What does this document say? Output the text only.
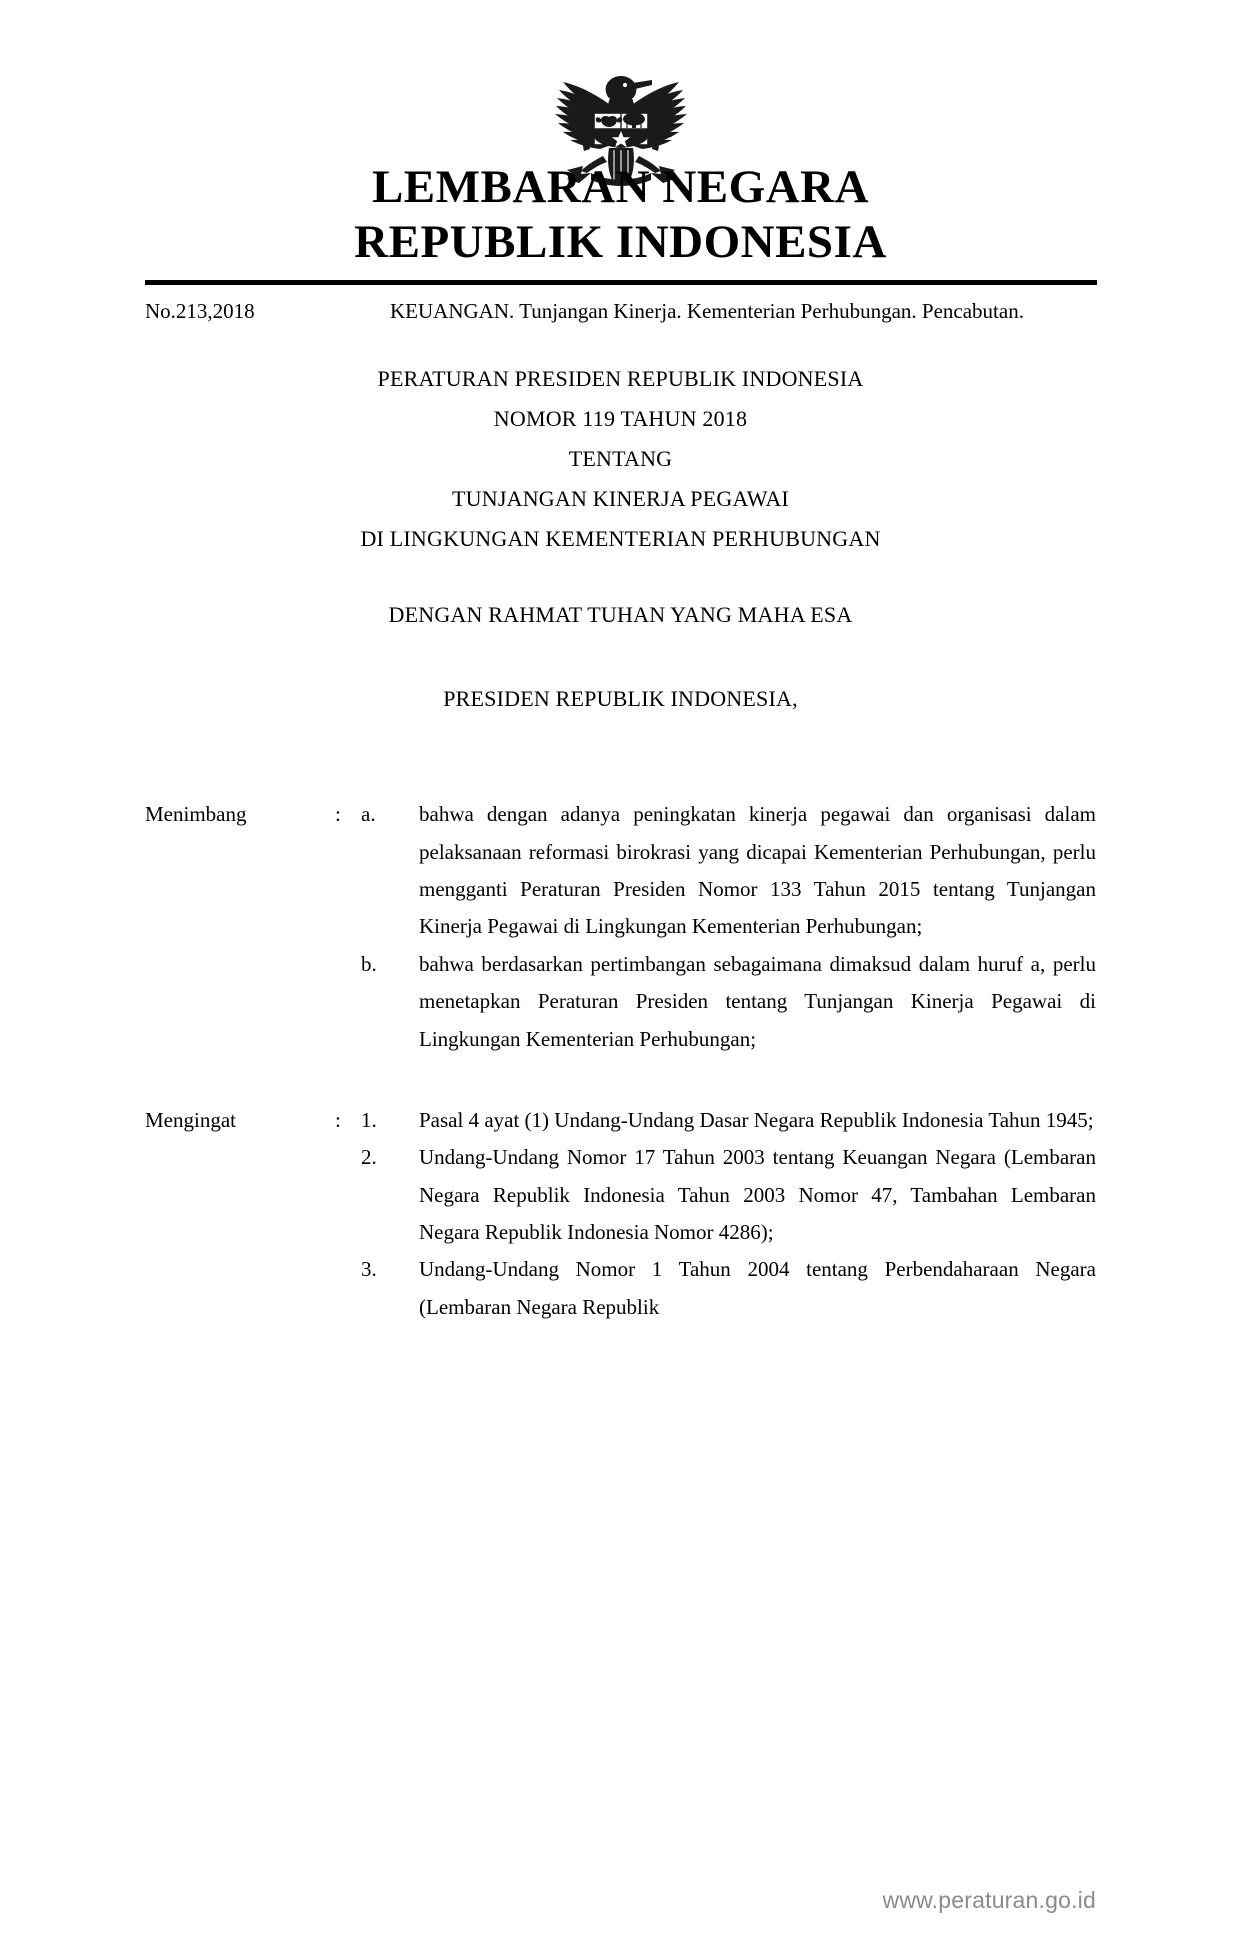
LEMBARAN NEGARA
REPUBLIK INDONESIA
No.213,2018	KEUANGAN. Tunjangan Kinerja. Kementerian Perhubungan. Pencabutan.
PERATURAN PRESIDEN REPUBLIK INDONESIA
NOMOR 119 TAHUN 2018
TENTANG
TUNJANGAN KINERJA PEGAWAI
DI LINGKUNGAN KEMENTERIAN PERHUBUNGAN
DENGAN RAHMAT TUHAN YANG MAHA ESA
PRESIDEN REPUBLIK INDONESIA,
Menimbang	: a.	bahwa dengan adanya peningkatan kinerja pegawai dan organisasi dalam pelaksanaan reformasi birokrasi yang dicapai Kementerian Perhubungan, perlu mengganti Peraturan Presiden Nomor 133 Tahun 2015 tentang Tunjangan Kinerja Pegawai di Lingkungan Kementerian Perhubungan;
b.	bahwa berdasarkan pertimbangan sebagaimana dimaksud dalam huruf a, perlu menetapkan Peraturan Presiden tentang Tunjangan Kinerja Pegawai di Lingkungan Kementerian Perhubungan;
Mengingat	: 1.	Pasal 4 ayat (1) Undang-Undang Dasar Negara Republik Indonesia Tahun 1945;
2.	Undang-Undang Nomor 17 Tahun 2003 tentang Keuangan Negara (Lembaran Negara Republik Indonesia Tahun 2003 Nomor 47, Tambahan Lembaran Negara Republik Indonesia Nomor 4286);
3.	Undang-Undang Nomor 1 Tahun 2004 tentang Perbendaharaan Negara (Lembaran Negara Republik
www.peraturan.go.id
